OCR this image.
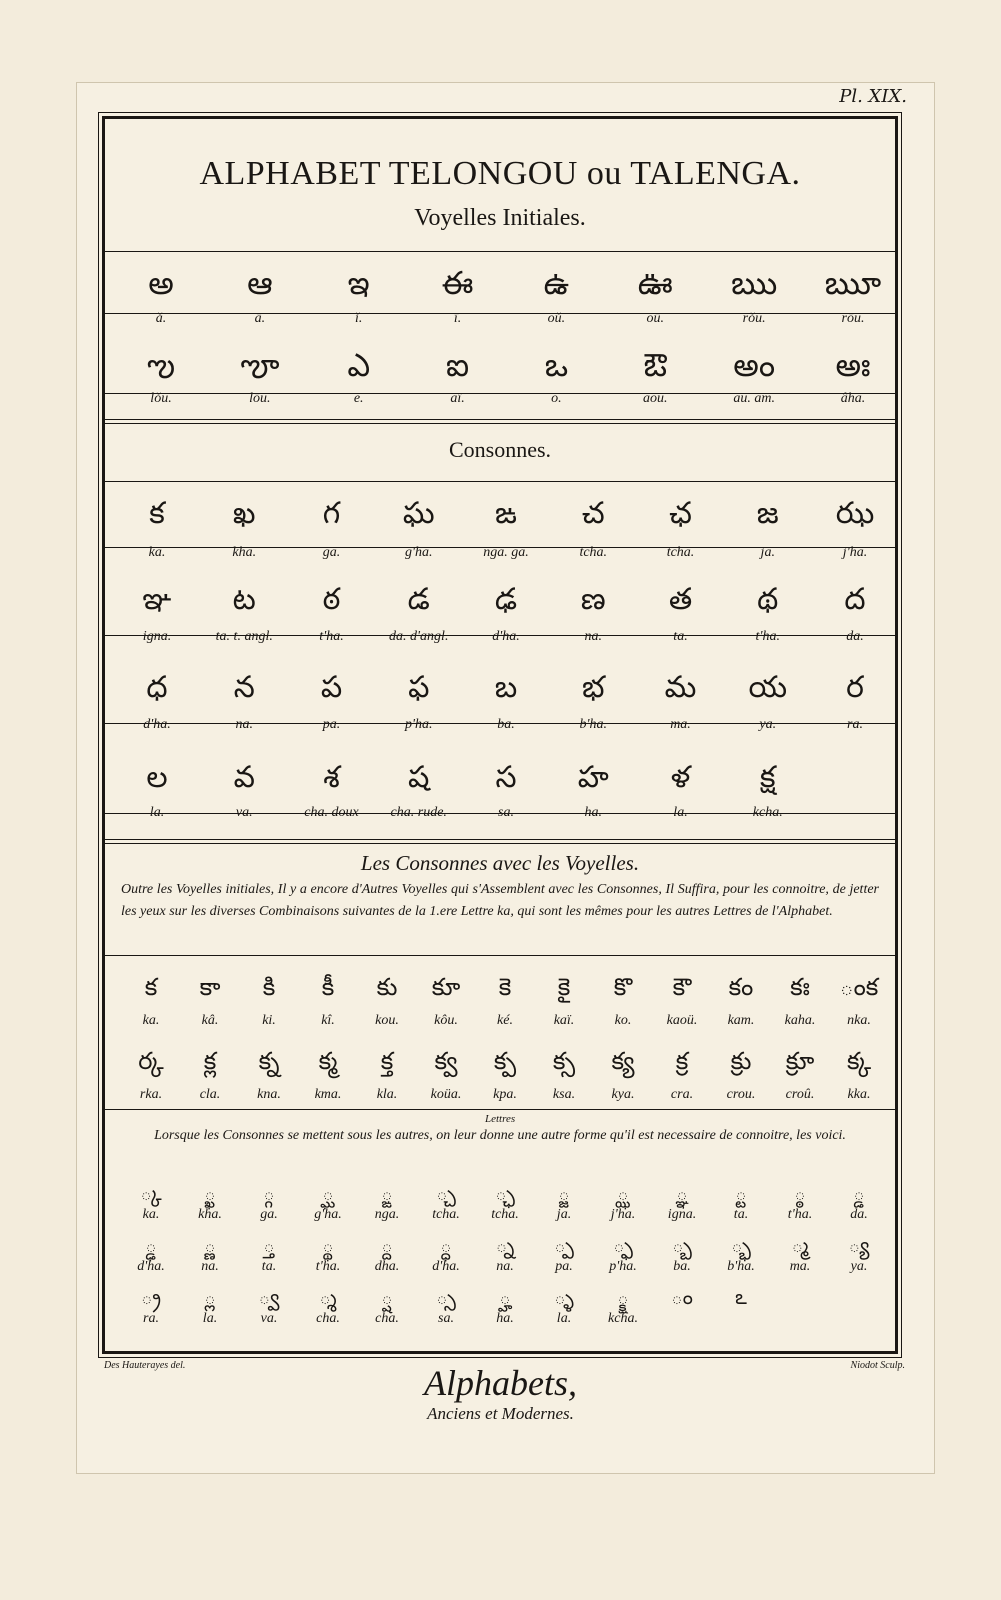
Pl. XIX.
ALPHABET TELONGOU ou TALENGA.
Voyelles Initiales.
అ
ă.
ఆ
ā.
ఇ
ĭ.
ఈ
ī.
ఉ
oŭ.
ఊ
oū.
ఋ
rŏu.
ౠ
rōu.
ఌ
lŏu.
ౡ
lōu.
ఎ
e.
ఐ
aï.
ఒ
o.
ఔ
aou.
అం
au. am.
అః
âha.
Consonnes.
క
ka.
ఖ
kha.
గ
ga.
ఘ
g'ha.
ఙ
nga. ga.
చ
tcha.
ఛ
tcha.
జ
ja.
ఝ
j'ha.
ఞ
igna.
ట
ta. t. angl.
ఠ
t'ha.
డ
da. d'angl.
ఢ
d'ha.
ణ
na.
త
ta.
థ
t'ha.
ద
da.
ధ
d'ha.
న
na.
ప
pa.
ఫ
p'ha.
బ
ba.
భ
b'ha.
మ
ma.
య
ya.
ర
ra.
ల
la.
వ
va.
శ
cha. doux
ష
cha. rude.
స
sa.
హ
ha.
ళ
la.
క్ష
kcha.
Les Consonnes avec les Voyelles.
Outre les Voyelles initiales, Il y a encore d'Autres Voyelles qui s'Assemblent avec les Consonnes, Il Suffira, pour les connoitre, de jetter les yeux sur les diverses Combinaisons suivantes de la 1.ere Lettre ka, qui sont les mêmes pour les autres Lettres de l'Alphabet.
క
ka.
కా
kâ.
కి
ki.
కీ
kî.
కు
kou.
కూ
kôu.
కె
ké.
కై
kaï.
కొ
ko.
కౌ
kaoü.
కం
kam.
కః
kaha.
ంక
nka.
ర్క
rka.
క్ల
cla.
క్న
kna.
క్మ
kma.
క్త
kla.
క్వ
koüa.
క్ప
kpa.
క్స
ksa.
క్య
kya.
క్ర
cra.
క్రు
crou.
క్రూ
croû.
క్క
kka.
Lettres
Lorsque les Consonnes se mettent sous les autres, on leur donne une autre forme qu'il est necessaire de connoitre, les voici.
్క
ka.
్ఖ
kha.
్గ
ga.
్ఘ
g'ha.
్ఙ
nga.
్చ
tcha.
్ఛ
tcha.
్జ
ja.
్ఝ
j'ha.
్ఞ
igna.
్ట
ta.
్ఠ
t'ha.
్డ
da.
్ఢ
d'ha.
్ణ
na.
్త
ta.
్థ
t'ha.
్ద
dha.
్ధ
d'ha.
్న
na.
్ప
pa.
్ఫ
p'ha.
్బ
ba.
్భ
b'ha.
్మ
ma.
్య
ya.
్ర
ra.
్ల
la.
్వ
va.
్శ
cha.
్ష
cha.
్స
sa.
్హ
ha.
్ళ
la.
్క్ష
kcha.
ం ఽ
Des Hauterayes del.	Niodot Sculp.
Alphabets,
Anciens et Modernes.
